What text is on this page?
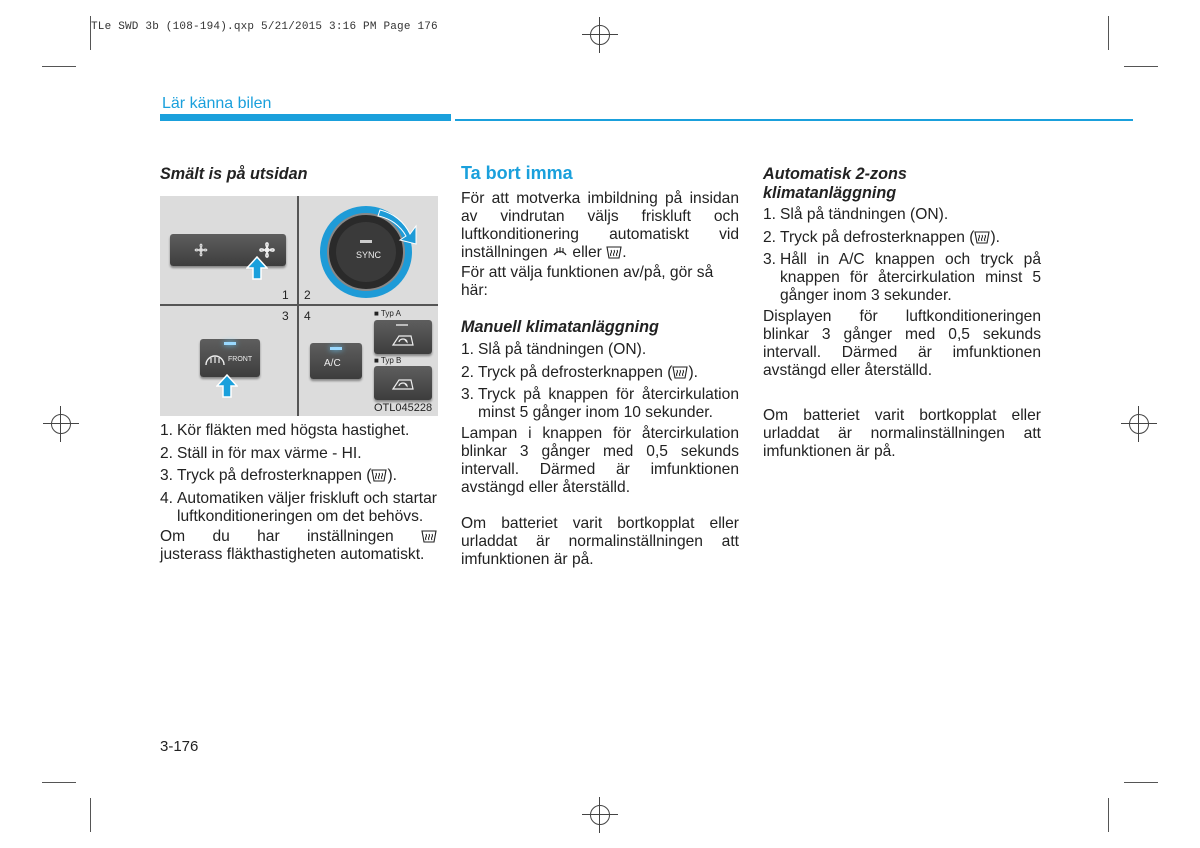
TLe SWD 3b (108-194).qxp 5/21/2015 3:16 PM Page 176
Lär känna bilen

Smält is på utsidan

1
SYNC
2
3
FRONT
4
A/C
■ Typ A
■ Typ B
OTL045228
1. Kör fläkten med högsta hastighet.
2. Ställ in för max värme - HI.
3. Tryck på defrosterknappen ( ).
4. Automatiken väljer friskluft och startar luftkonditioneringen om det behövs.

Om du har inställningen

justerass fläkthastigheten automatiskt.

Ta bort imma

För att motverka imbildning på insidan av vindrutan väljs friskluft och luftkonditionering automatiskt vid inställningen eller .

För att välja funktionen av/på, gör så här:

Manuell klimatanläggning

1. Slå på tändningen (ON).
2. Tryck på defrosterknappen ( ).
3. Tryck på knappen för återcirkulation minst 5 gånger inom 10 sekunder.

Lampan i knappen för återcirkulation blinkar 3 gånger med 0,5 sekunds intervall. Därmed är imfunktionen avstängd eller återställd.

Om batteriet varit bortkopplat eller urladdat är normalinställningen att imfunktionen är på.

Automatisk 2-zons
klimatanläggning

1. Slå på tändningen (ON).
2. Tryck på defrosterknappen ( ).
3. Håll in A/C knappen och tryck på knappen för återcirkulation minst 5 gånger inom 3 sekunder.

Displayen för luftkonditioneringen blinkar 3 gånger med 0,5 sekunds intervall. Därmed är imfunktionen avstängd eller återställd.

Om batteriet varit bortkopplat eller urladdat är normalinställningen att imfunktionen är på.

3-176
